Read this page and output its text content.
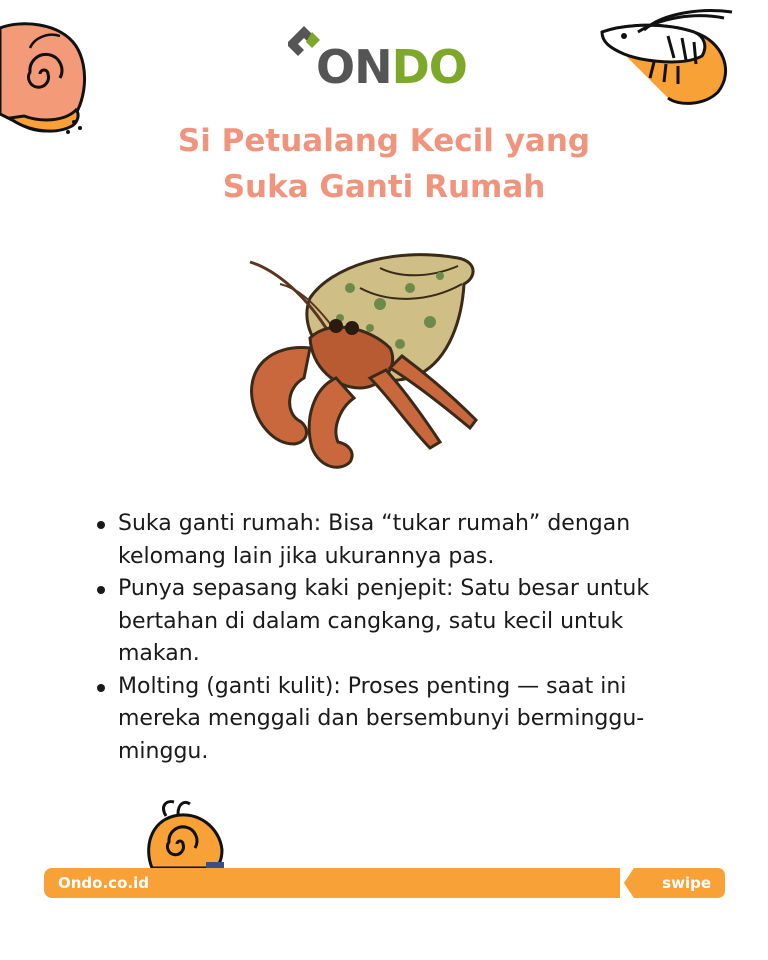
ONDO
Si Petualang Kecil yang
Suka Ganti Rumah
Suka ganti rumah: Bisa “tukar rumah” dengan kelomang lain jika ukurannya pas.
Punya sepasang kaki penjepit: Satu besar untuk bertahan di dalam cangkang, satu kecil untuk makan.
Molting (ganti kulit): Proses penting — saat ini mereka menggali dan bersembunyi berminggu-minggu.
Ondo.co.id	swipe
